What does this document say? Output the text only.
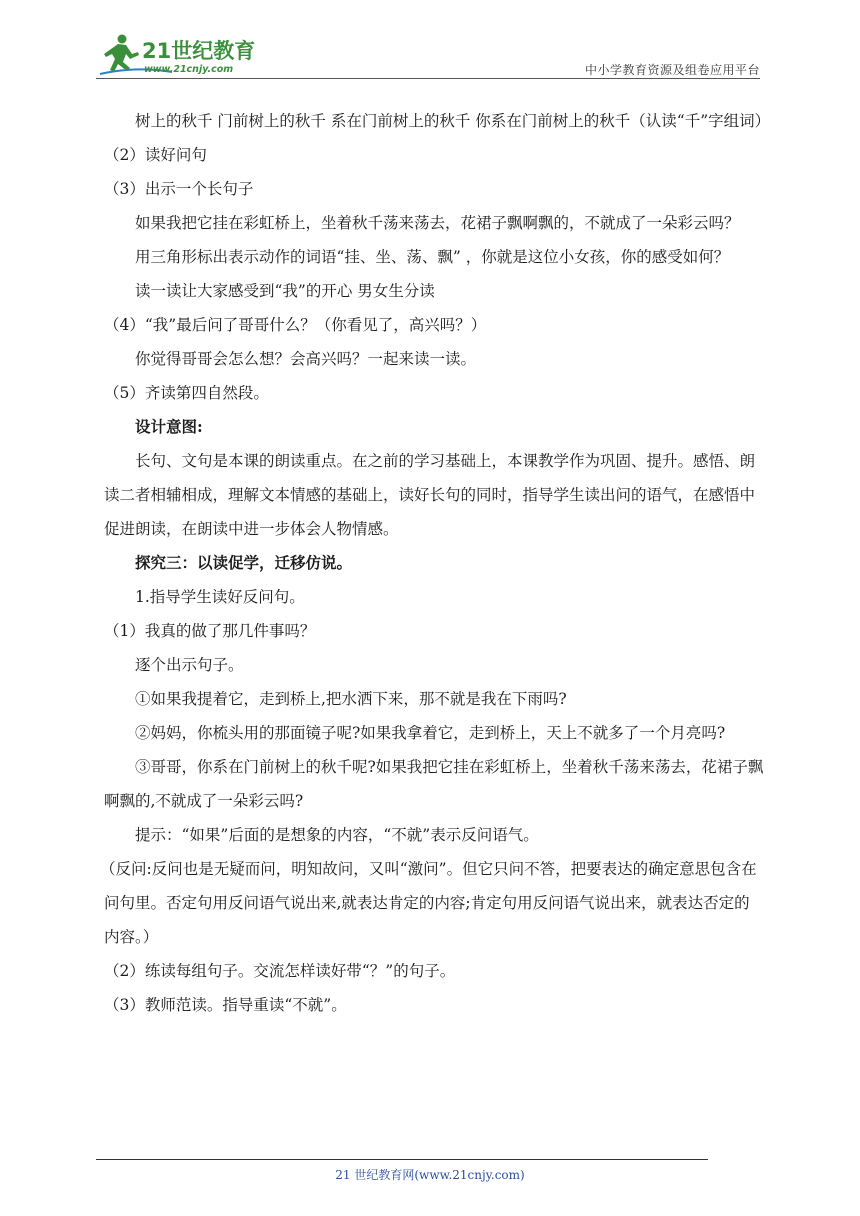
21世纪教育
www.21cnjy.com	中小学教育资源及组卷应用平台

树上的秋千 门前树上的秋千 系在门前树上的秋千 你系在门前树上的秋千（认读“千”字组词）

（2）读好问句

（3）出示一个长句子

如果我把它挂在彩虹桥上，坐着秋千荡来荡去，花裙子飘啊飘的，不就成了一朵彩云吗？

用三角形标出表示动作的词语“挂、坐、荡、飘” ，你就是这位小女孩，你的感受如何？

读一读让大家感受到“我”的开心 男女生分读

（4）“我”最后问了哥哥什么？（你看见了，高兴吗？）

你觉得哥哥会怎么想？会高兴吗？一起来读一读。

（5）齐读第四自然段。

设计意图:

长句、文句是本课的朗读重点。在之前的学习基础上，本课教学作为巩固、提升。感悟、朗读二者相辅相成，理解文本情感的基础上，读好长句的同时，指导学生读出问的语气，在感悟中促进朗读，在朗读中进一步体会人物情感。

探究三：以读促学，迁移仿说。

1.指导学生读好反问句。

（1）我真的做了那几件事吗？

逐个出示句子。

①如果我提着它，走到桥上,把水洒下来，那不就是我在下雨吗?

②妈妈，你梳头用的那面镜子呢?如果我拿着它，走到桥上，天上不就多了一个月亮吗?

③哥哥，你系在门前树上的秋千呢?如果我把它挂在彩虹桥上，坐着秋千荡来荡去，花裙子飘啊飘的,不就成了一朵彩云吗?

提示：“如果”后面的是想象的内容，“不就”表示反问语气。

（反问:反问也是无疑而问，明知故问，又叫“激问”。但它只问不答，把要表达的确定意思包含在问句里。否定句用反问语气说出来,就表达肯定的内容;肯定句用反问语气说出来，就表达否定的内容。）

（2）练读每组句子。交流怎样读好带“？”的句子。

（3）教师范读。指导重读“不就”。

21 世纪教育网(www.21cnjy.com)
